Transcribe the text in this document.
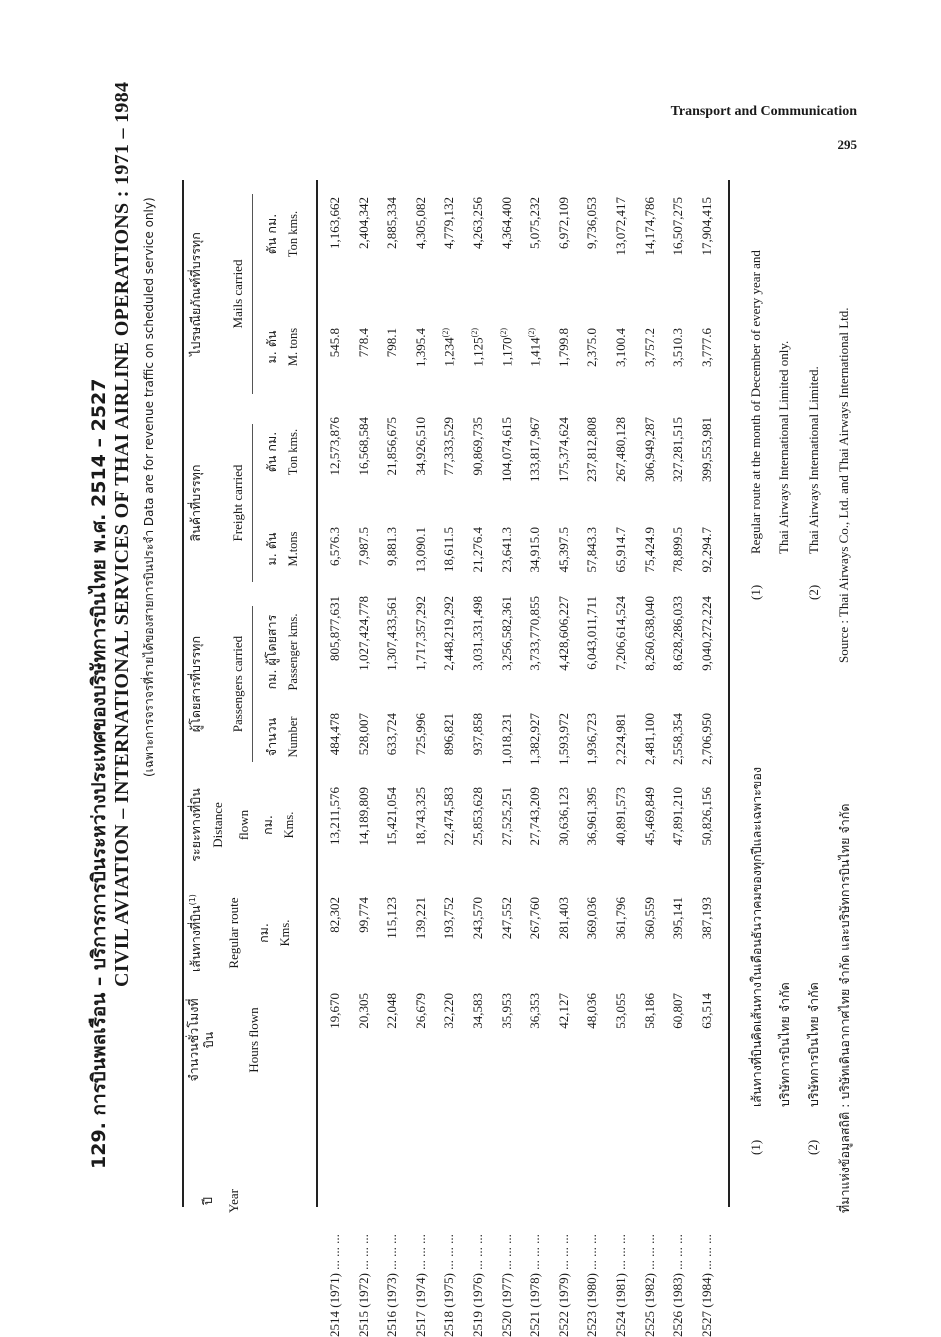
Transport and Communication
295
129. การบินพลเรือน – บริการการบินระหว่างประเทศของบริษัทการบินไทย พ.ศ. 2514 – 2527 CIVIL AVIATION – INTERNATIONAL SERVICES OF THAI AIRLINE OPERATIONS : 1971 – 1984 (เฉพาะการจราจรที่รายได้ของสายการบินประจำ Data are for revenue traffic on scheduled service only)
ปี Year
จำนวนชั่วโมงที่บิน Hours flown
เส้นทางที่บิน$^{(1)}$	Regular route กม. Kms.
ระยะทางที่บิน Distance flown กม. Kms.
ผู้โดยสารที่บรรทุก Passengers carried
จำนวน Number
กม. ผู้โดยสาร Passenger kms.
สินค้าที่บรรทุก Freight carried
ม. ตัน M.tons
ตัน กม. Ton kms.
ไปรษณียภัณฑ์ที่บรรทุก Mails carried
ม. ตัน M. tons
ตัน กม. Ton kms.
2514 (1971) ... ... ...
19,670
82,302
13,211,576
484,478
805,877,631
6,576.3
12,573,876
545.8
1,163,662
2515 (1972) ... ... ...
20,305
99,774
14,189,809
528,007
1,027,424,778
7,987.5
16,568,584
778.4
2,404,342
2516 (1973) ... ... ...
22,048
115,123
15,421,054
633,724
1,307,433,561
9,881.3
21,856,675
798.1
2,885,334
2517 (1974) ... ... ...
26,679
139,221
18,743,325
725,996
1,717,357,292
13,090.1
34,926,510
1,395.4
4,305,082
2518 (1975) ... ... ...
32,220
193,752
22,474,583
896,821
2,448,219,292
18,611.5
77,333,529
1,234$^{(2)}$
4,779,132
2519 (1976) ... ... ...
34,583
243,570
25,853,628
937,858
3,031,331,498
21,276.4
90,869,735
1,125$^{(2)}$
4,263,256
2520 (1977) ... ... ...
35,953
247,552
27,525,251
1,018,231
3,256,582,361
23,641.3
104,074,615
1,170$^{(2)}$
4,364,400
2521 (1978) ... ... ...
36,353
267,760
27,743,209
1,382,927
3,733,770,855
34,915.0
133,817,967
1,414$^{(2)}$
5,075,232
2522 (1979) ... ... ...
42,127
281,403
30,636,123
1,593,972
4,428,606,227
45,397.5
175,374,624
1,799.8
6,972,109
2523 (1980) ... ... ...
48,036
369,036
36,961,395
1,936,723
6,043,011,711
57,843.3
237,812,808
2,375.0
9,736,053
2524 (1981) ... ... ...
53,055
361,796
40,891,573
2,224,981
7,206,614,524
65,914.7
267,480,128
3,100.4
13,072,417
2525 (1982) ... ... ...
58,186
360,559
45,469,849
2,481,100
8,260,638,040
75,424.9
306,949,287
3,757.2
14,174,786
2526 (1983) ... ... ...
60,807
395,141
47,891,210
2,558,354
8,628,286,033
78,899.5
327,281,515
3,510.3
16,507,275
2527 (1984) ... ... ...
63,514
387,193
50,826,156
2,706,950
9,040,272,224
92,294.7
399,553,981
3,777.6
17,904,415
(1)
เส้นทางที่บินคิดเส้นทางในเดือนธันวาคมของทุกปีและเฉพาะของ บริษัทการบินไทย จำกัด
(2)
บริษัทการบินไทย จำกัด ที่มาแห่งข้อมูลสถิติ : บริษัทเดินอากาศไทย จำกัด และบริษัทการบินไทย จำกัด
(1)
Regular route at the month of December of every year and Thai Airways International Limited only.
(2)
Thai Airways International Limited. Source : Thai Airways Co., Ltd. and Thai Airways International Ltd.
